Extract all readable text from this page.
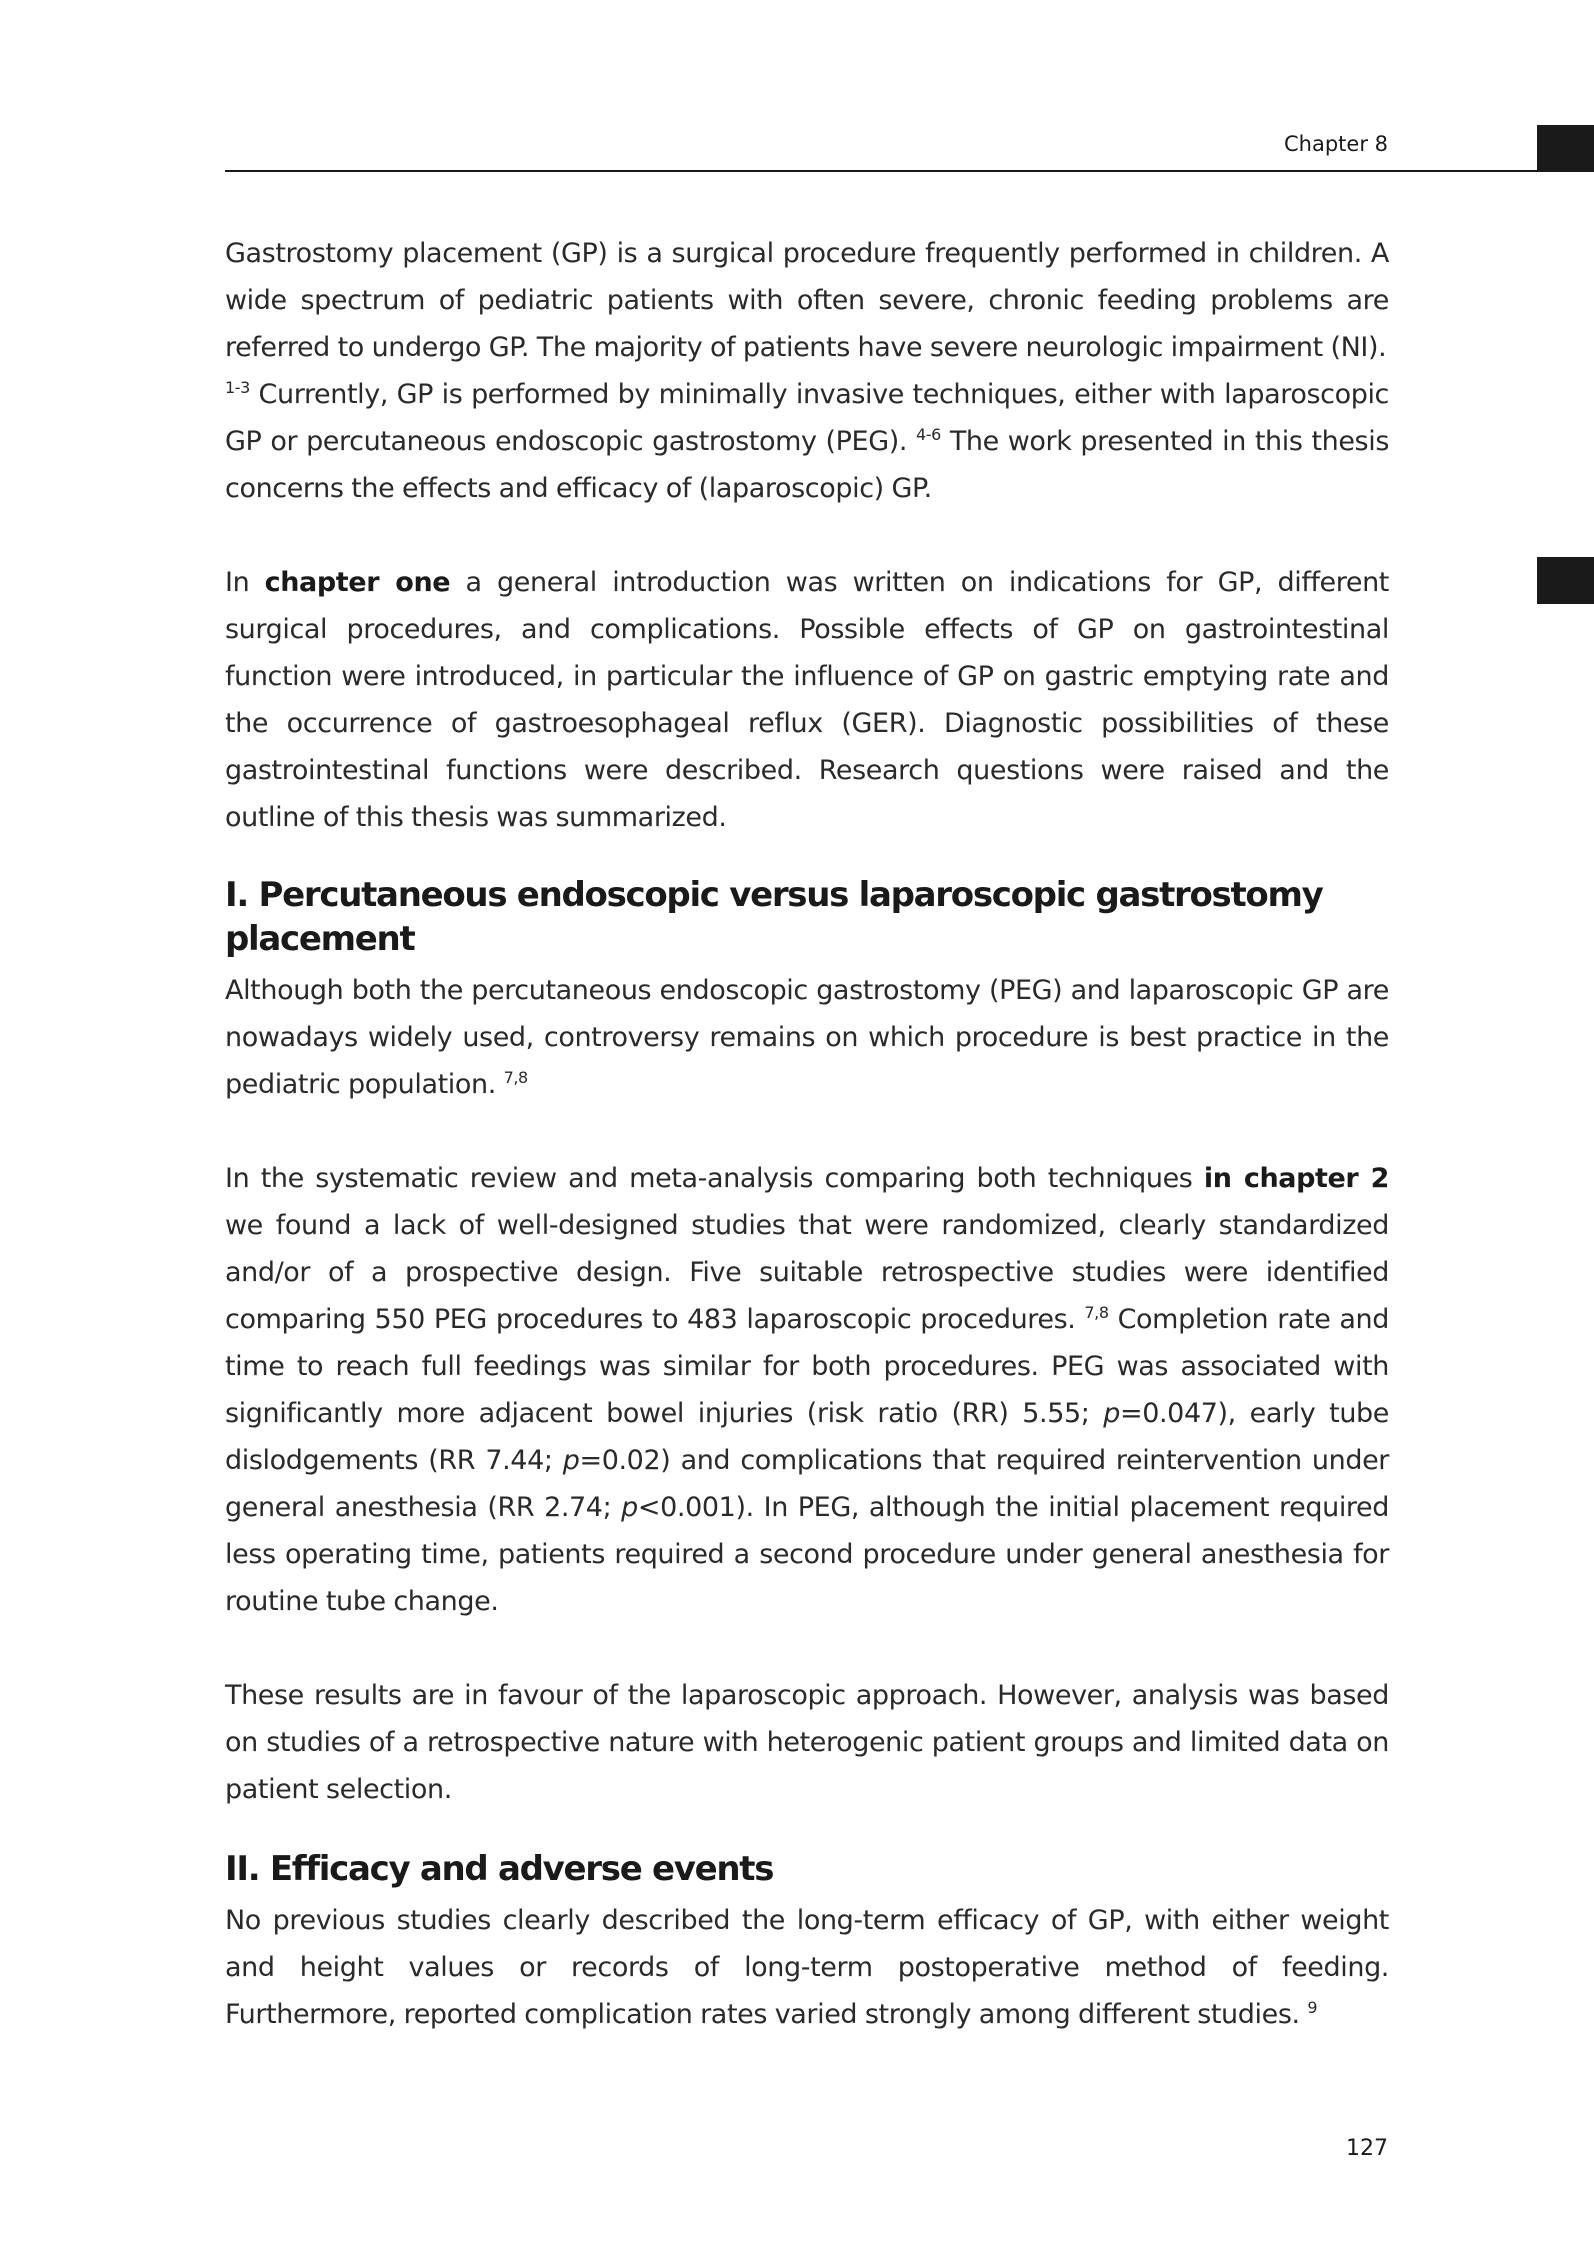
Chapter 8

Gastrostomy placement (GP) is a surgical procedure frequently performed in children. A wide spectrum of pediatric patients with often severe, chronic feeding problems are referred to undergo GP. The majority of patients have severe neurologic impairment (NI).
$^{1-3}$ Currently, GP is performed by minimally invasive techniques, either with laparoscopic GP or percutaneous endoscopic gastrostomy (PEG). $^{4-6}$ The work presented in this thesis concerns the effects and efficacy of (laparoscopic) GP.

In chapter one a general introduction was written on indications for GP, different surgical procedures, and complications. Possible effects of GP on gastrointestinal function were introduced, in particular the influence of GP on gastric emptying rate and the occurrence of gastroesophageal reflux (GER). Diagnostic possibilities of these gastrointestinal functions were described. Research questions were raised and the outline of this thesis was summarized.

I. Percutaneous endoscopic versus laparoscopic gastrostomy placement

Although both the percutaneous endoscopic gastrostomy (PEG) and laparoscopic GP are nowadays widely used, controversy remains on which procedure is best practice in the pediatric population. $^{7,8}$

In the systematic review and meta-analysis comparing both techniques in chapter 2 we found a lack of well-designed studies that were randomized, clearly standardized and/or of a prospective design. Five suitable retrospective studies were identified comparing 550 PEG procedures to 483 laparoscopic procedures. $^{7,8}$ Completion rate and time to reach full feedings was similar for both procedures. PEG was associated with significantly more adjacent bowel injuries (risk ratio (RR) 5.55; p=0.047), early tube dislodgements (RR 7.44; p=0.02) and complications that required reintervention under general anesthesia (RR 2.74; p<0.001). In PEG, although the initial placement required less operating time, patients required a second procedure under general anesthesia for routine tube change.

These results are in favour of the laparoscopic approach. However, analysis was based on studies of a retrospective nature with heterogenic patient groups and limited data on patient selection.

II. Efficacy and adverse events

No previous studies clearly described the long-term efficacy of GP, with either weight and height values or records of long-term postoperative method of feeding. Furthermore, reported complication rates varied strongly among different studies. $^9$

127
